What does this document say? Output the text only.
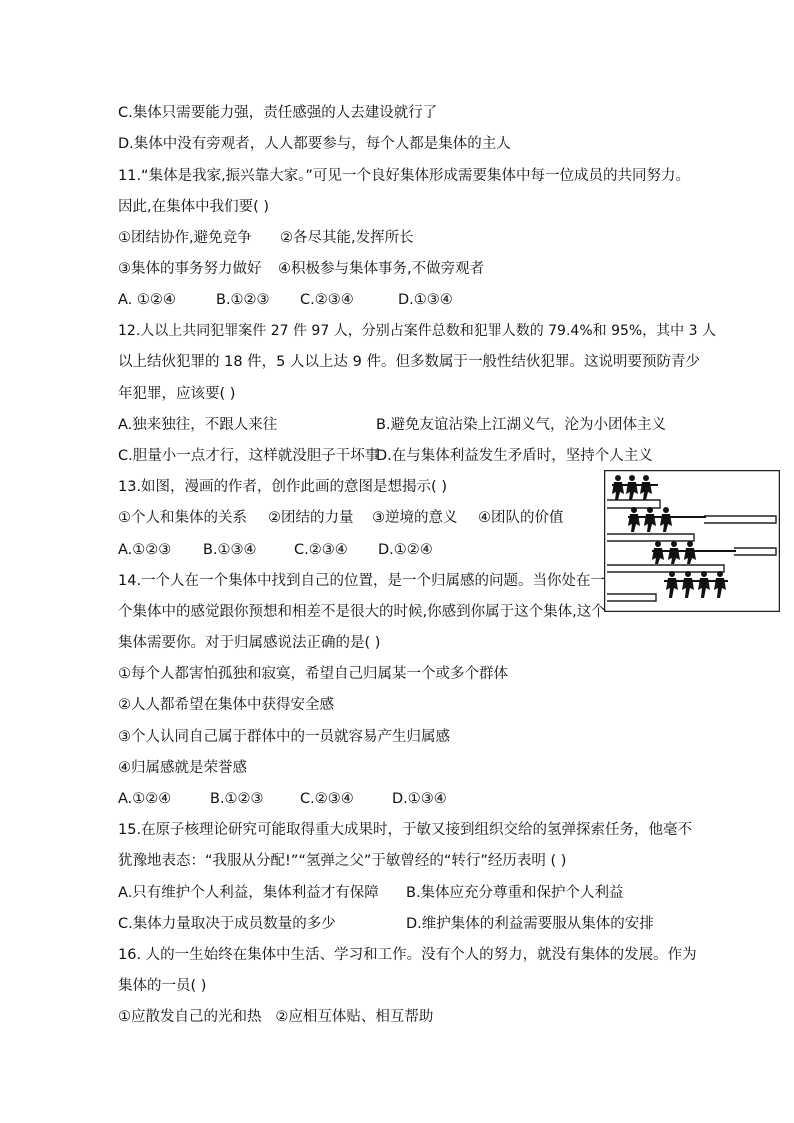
C.集体只需要能力强，责任感强的人去建设就行了
D.集体中没有旁观者，人人都要参与，每个人都是集体的主人
11.“集体是我家,振兴靠大家。”可见一个良好集体形成需要集体中每一位成员的共同努力。
因此,在集体中我们要( )
①团结协作,避免竞争 ②各尽其能,发挥所长
③集体的事务努力做好 ④积极参与集体事务,不做旁观者
A. ①②④	B.①②③ C.②③④	D.①③④
12.人以上共同犯罪案件 27 件 97 人，分别占案件总数和犯罪人数的 79.4%和 95%，其中 3 人
以上结伙犯罪的 18 件，5 人以上达 9 件。但多数属于一般性结伙犯罪。这说明要预防青少
年犯罪，应该要( )
A.独来独往，不跟人来往	B.避免友谊沾染上江湖义气，沦为小团体主义
C.胆量小一点才行，这样就没胆子干坏事
D.在与集体利益发生矛盾时，坚持个人主义
13.如图，漫画的作者，创作此画的意图是想揭示( )
①个人和集体的关系 ②团结的力量 ③逆境的意义 ④团队的价值
A.①②③ B.①③④	C.②③④ D.①②④
14.一个人在一个集体中找到自己的位置，是一个归属感的问题。当你处在一
个集体中的感觉跟你预想和相差不是很大的时候,你感到你属于这个集体,这个
集体需要你。对于归属感说法正确的是( )
①每个人都害怕孤独和寂寞，希望自己归属某一个或多个群体
②人人都希望在集体中获得安全感
③个人认同自己属于群体中的一员就容易产生归属感
④归属感就是荣誉感
A.①②④	B.①②③	C.②③④	D.①③④
15.在原子核理论研究可能取得重大成果时，于敏又接到组织交给的氢弹探索任务，他毫不
犹豫地表态：“我服从分配!”“氢弹之父”于敏曾经的“转行”经历表明 ( )
A.只有维护个人利益，集体利益才有保障 B.集体应充分尊重和保护个人利益
C.集体力量取决于成员数量的多少	D.维护集体的利益需要服从集体的安排
16. 人的一生始终在集体中生活、学习和工作。没有个人的努力，就没有集体的发展。作为
集体的一员( )
①应散发自己的光和热   ②应相互体贴、相互帮助
